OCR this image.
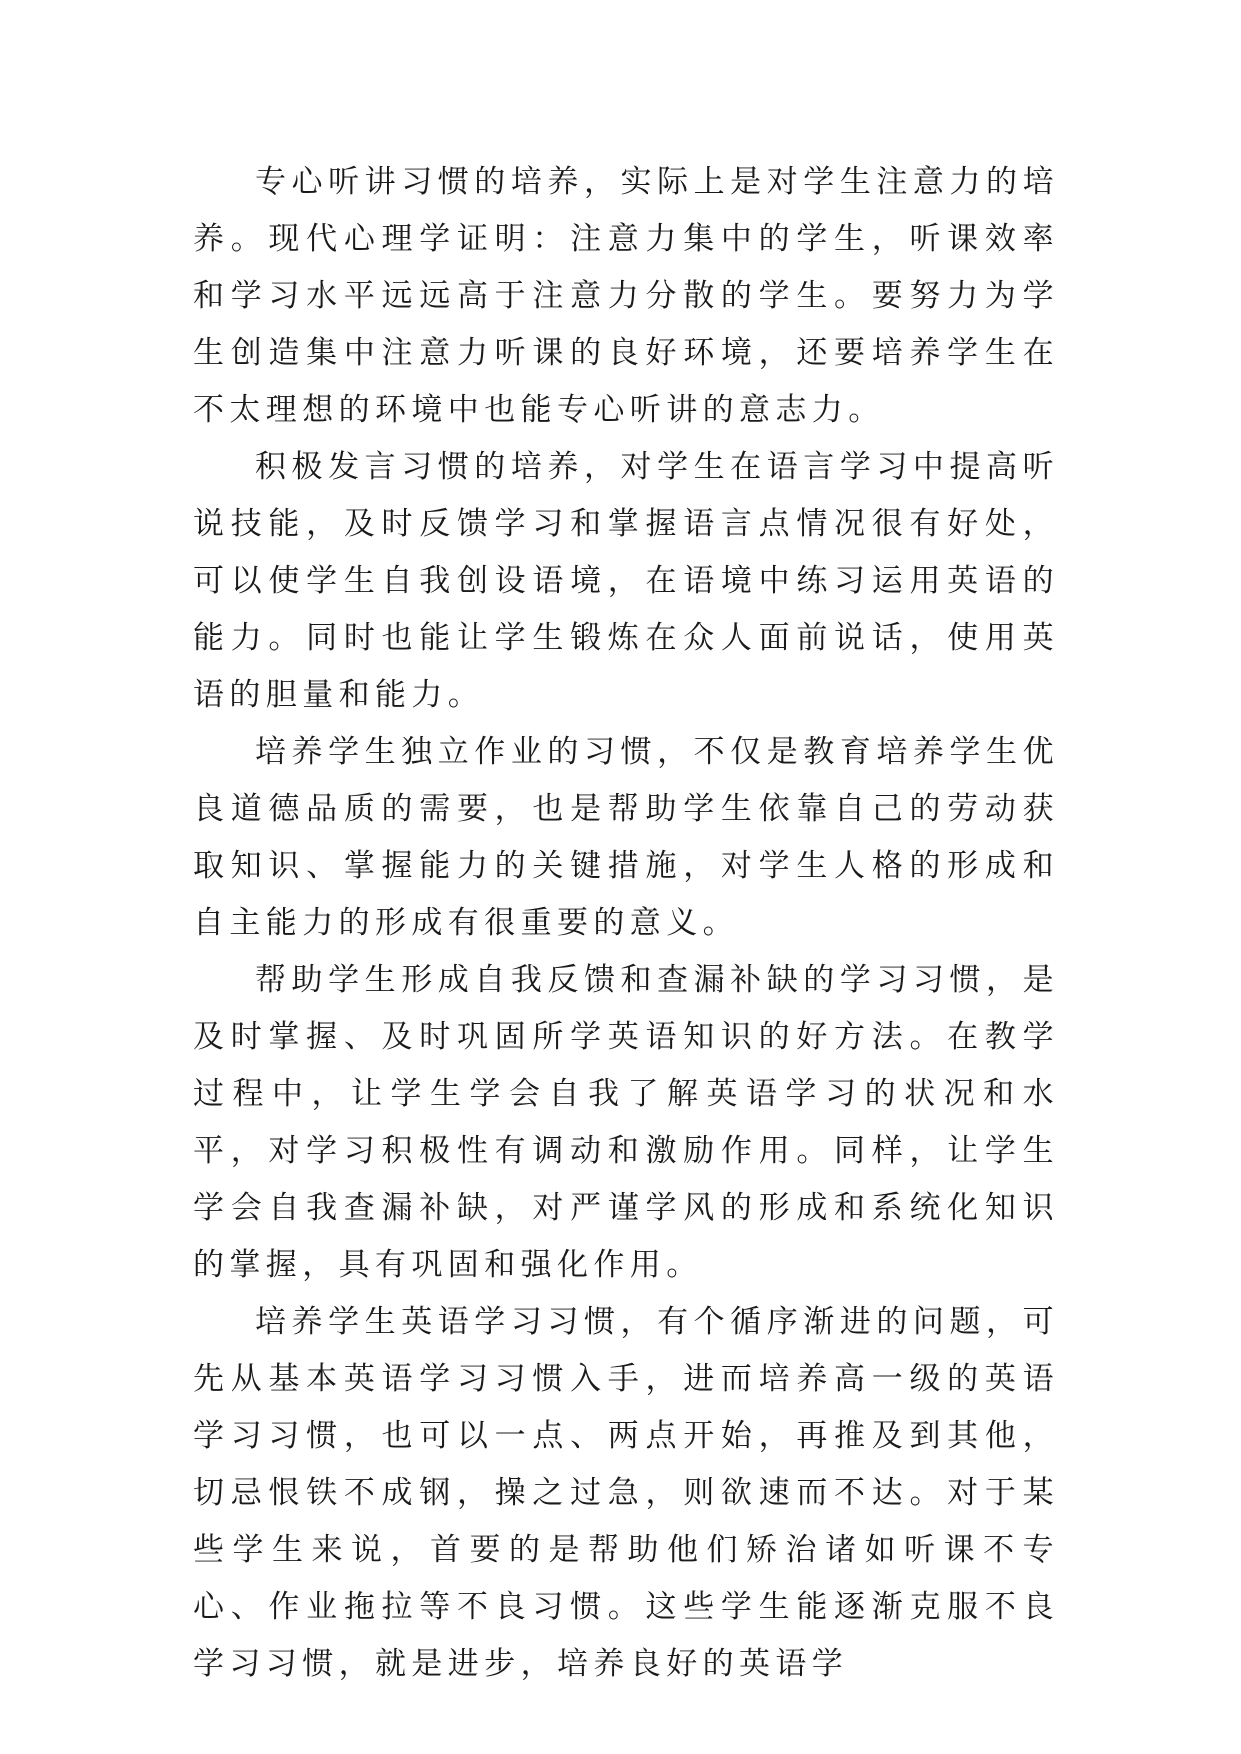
专心听讲习惯的培养，实际上是对学生注意力的培养。现代心理学证明：注意力集中的学生，听课效率和学习水平远远高于注意力分散的学生。要努力为学生创造集中注意力听课的良好环境，还要培养学生在不太理想的环境中也能专心听讲的意志力。

积极发言习惯的培养，对学生在语言学习中提高听说技能，及时反馈学习和掌握语言点情况很有好处，可以使学生自我创设语境，在语境中练习运用英语的能力。同时也能让学生锻炼在众人面前说话，使用英语的胆量和能力。

培养学生独立作业的习惯，不仅是教育培养学生优良道德品质的需要，也是帮助学生依靠自己的劳动获取知识、掌握能力的关键措施，对学生人格的形成和自主能力的形成有很重要的意义。

帮助学生形成自我反馈和查漏补缺的学习习惯，是及时掌握、及时巩固所学英语知识的好方法。在教学过程中，让学生学会自我了解英语学习的状况和水平，对学习积极性有调动和激励作用。同样，让学生学会自我查漏补缺，对严谨学风的形成和系统化知识的掌握，具有巩固和强化作用。

培养学生英语学习习惯，有个循序渐进的问题，可先从基本英语学习习惯入手，进而培养高一级的英语学习习惯，也可以一点、两点开始，再推及到其他，切忌恨铁不成钢，操之过急，则欲速而不达。对于某些学生来说，首要的是帮助他们矫治诸如听课不专心、作业拖拉等不良习惯。这些学生能逐渐克服不良学习习惯，就是进步，培养良好的英语学
